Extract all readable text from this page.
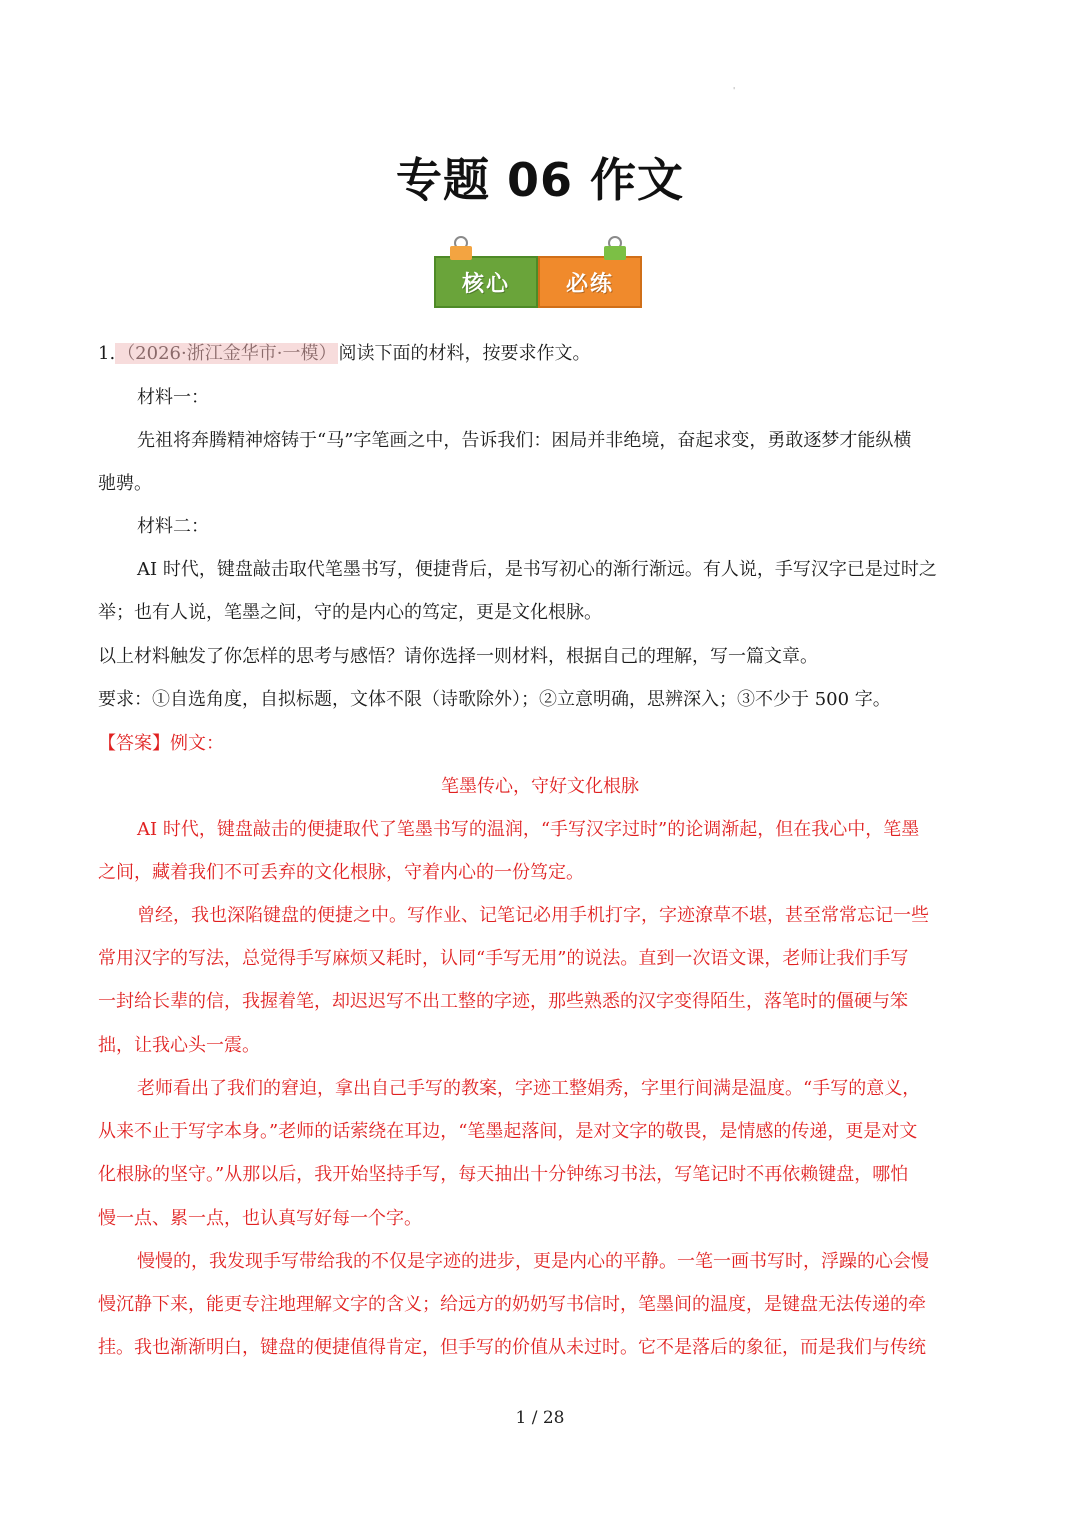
'
专题 06 作文
核心	必练
1. （2026·浙江金华市·一模） 阅读下面的材料，按要求作文。
材料一：
先祖将奔腾精神熔铸于“马”字笔画之中，告诉我们：困局并非绝境，奋起求变，勇敢逐梦才能纵横
驰骋。
材料二：
AI 时代，键盘敲击取代笔墨书写，便捷背后，是书写初心的渐行渐远。有人说，手写汉字已是过时之
举；也有人说，笔墨之间，守的是内心的笃定，更是文化根脉。
以上材料触发了你怎样的思考与感悟？请你选择一则材料，根据自己的理解，写一篇文章。
要求：①自选角度，自拟标题，文体不限（诗歌除外）；②立意明确，思辨深入；③不少于 500 字。
【答案】例文：
笔墨传心，守好文化根脉
AI 时代，键盘敲击的便捷取代了笔墨书写的温润，“手写汉字过时”的论调渐起，但在我心中，笔墨
之间，藏着我们不可丢弃的文化根脉，守着内心的一份笃定。
曾经，我也深陷键盘的便捷之中。写作业、记笔记必用手机打字，字迹潦草不堪，甚至常常忘记一些
常用汉字的写法，总觉得手写麻烦又耗时，认同“手写无用”的说法。直到一次语文课，老师让我们手写
一封给长辈的信，我握着笔，却迟迟写不出工整的字迹，那些熟悉的汉字变得陌生，落笔时的僵硬与笨
拙，让我心头一震。
老师看出了我们的窘迫，拿出自己手写的教案，字迹工整娟秀，字里行间满是温度。“手写的意义，
从来不止于写字本身。”老师的话萦绕在耳边，“笔墨起落间，是对文字的敬畏，是情感的传递，更是对文
化根脉的坚守。”从那以后，我开始坚持手写，每天抽出十分钟练习书法，写笔记时不再依赖键盘，哪怕
慢一点、累一点，也认真写好每一个字。
慢慢的，我发现手写带给我的不仅是字迹的进步，更是内心的平静。一笔一画书写时，浮躁的心会慢
慢沉静下来，能更专注地理解文字的含义；给远方的奶奶写书信时，笔墨间的温度，是键盘无法传递的牵
挂。我也渐渐明白，键盘的便捷值得肯定，但手写的价值从未过时。它不是落后的象征，而是我们与传统
1 / 28
